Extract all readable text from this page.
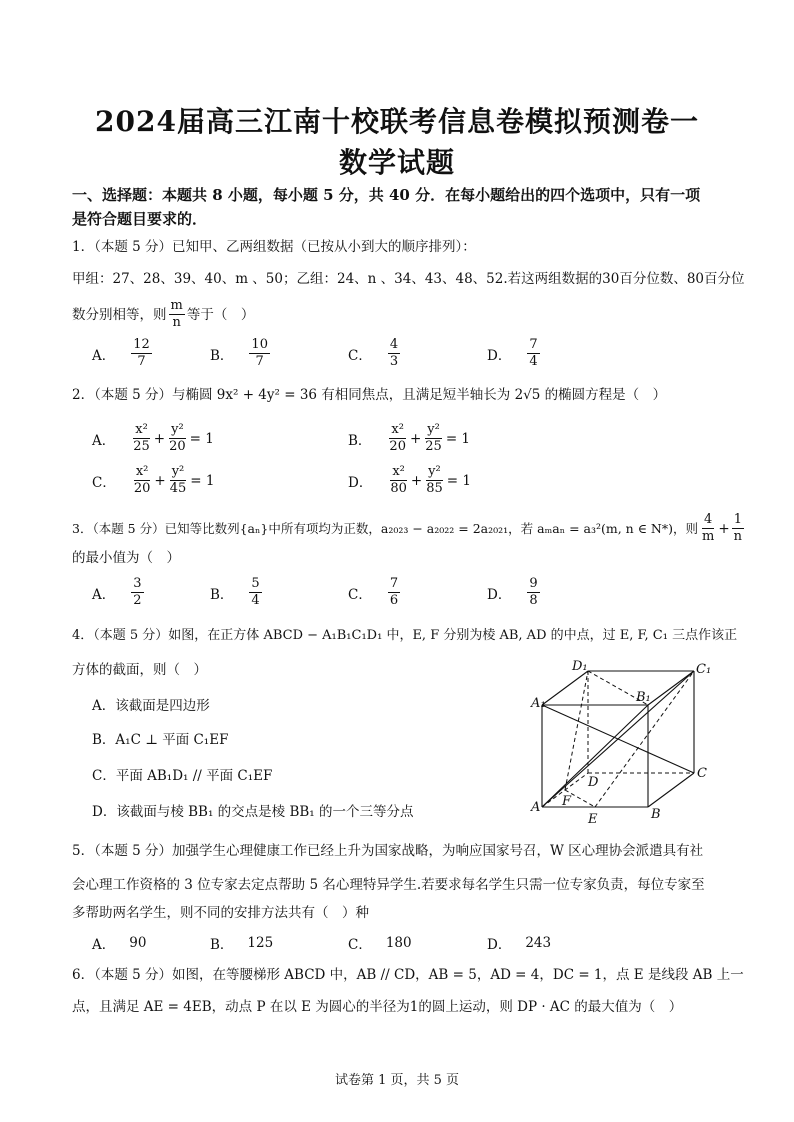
2024届高三江南十校联考信息卷模拟预测卷一
数学试题
一、选择题：本题共 8 小题，每小题 5 分，共 40 分．在每小题给出的四个选项中，只有一项
是符合题目要求的．
1．（本题 5 分）已知甲、乙两组数据（已按从小到大的顺序排列）：
甲组：27、28、39、40、m 、50；乙组：24、n 、34、43、48、52.若这两组数据的30百分位数、80百分位
数分别相等，则 $\frac{m}{n}$ 等于（　）
A． $\frac{12}{7}$	B． $\frac{10}{7}$	C． $\frac{4}{3}$	D． $\frac{7}{4}$
2．（本题 5 分）与椭圆 9x² + 4y² = 36 有相同焦点，且满足短半轴长为 2√5 的椭圆方程是（　）
A． $\frac{\text{x²}}{25} + \frac{\text{y²}}{20} = 1$	B． $\frac{\text{x²}}{20} + \frac{\text{y²}}{25} = 1$
C． $\frac{\text{x²}}{20} + \frac{\text{y²}}{45} = 1$	D． $\frac{\text{x²}}{80} + \frac{\text{y²}}{85} = 1$
3．（本题 5 分）已知等比数列{aₙ}中所有项均为正数，a₂₀₂₃ − a₂₀₂₂ = 2a₂₀₂₁，若 aₘaₙ = a₃²(m, n ∈ N*)，则 $\frac{4}{m} + \frac{1}{n}$
的最小值为（　）
A． $\frac{3}{2}$	B． $\frac{5}{4}$	C． $\frac{7}{6}$	D． $\frac{9}{8}$
4．（本题 5 分）如图，在正方体 ABCD − A₁B₁C₁D₁ 中，E, F 分别为棱 AB, AD 的中点，过 E, F, C₁ 三点作该正
方体的截面，则（　）
A．该截面是四边形
B．A₁C ⊥ 平面 C₁EF
C．平面 AB₁D₁ // 平面 C₁EF
D．该截面与棱 BB₁ 的交点是棱 BB₁ 的一个三等分点	A	B
C
D
A₁	B₁
C₁
D₁
E
F
5．（本题 5 分）加强学生心理健康工作已经上升为国家战略，为响应国家号召，W 区心理协会派遣具有社
会心理工作资格的 3 位专家去定点帮助 5 名心理特异学生.若要求每名学生只需一位专家负责，每位专家至
多帮助两名学生，则不同的安排方法共有（　）种
A． 90	B． 125	C． 180	D． 243
6．（本题 5 分）如图，在等腰梯形 ABCD 中，AB // CD，AB = 5，AD = 4，DC = 1，点 E 是线段 AB 上一
点，且满足 AE = 4EB，动点 P 在以 E 为圆心的半径为1的圆上运动，则 DP · AC 的最大值为（　）
试卷第 1 页，共 5 页
